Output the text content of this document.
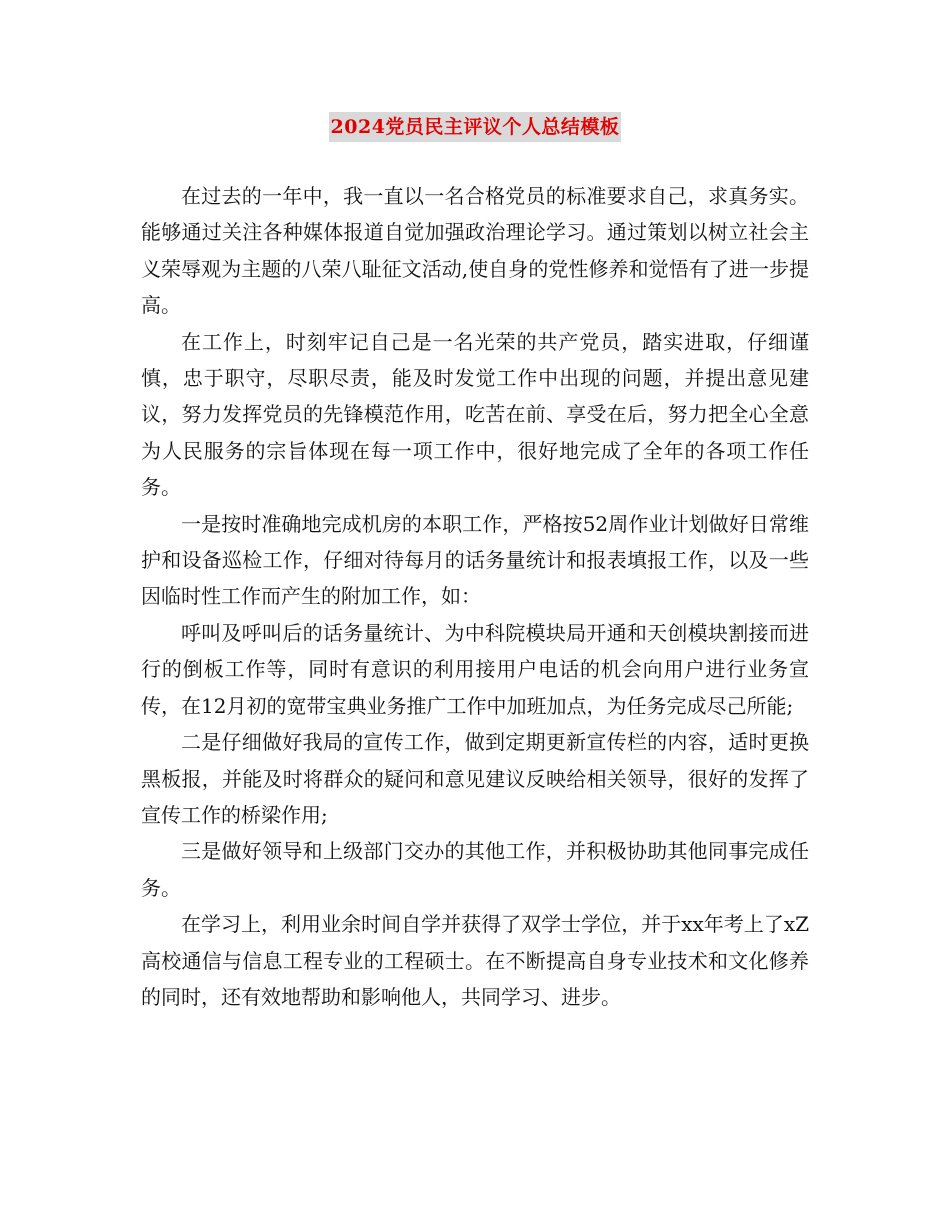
2024党员民主评议个人总结模板

在过去的一年中，我一直以一名合格党员的标准要求自己，求真务实。能够通过关注各种媒体报道自觉加强政治理论学习。通过策划以树立社会主义荣辱观为主题的八荣八耻征文活动,使自身的党性修养和觉悟有了进一步提高。

在工作上，时刻牢记自己是一名光荣的共产党员，踏实进取，仔细谨慎，忠于职守，尽职尽责，能及时发觉工作中出现的问题，并提出意见建议，努力发挥党员的先锋模范作用，吃苦在前、享受在后，努力把全心全意为人民服务的宗旨体现在每一项工作中，很好地完成了全年的各项工作任务。

一是按时准确地完成机房的本职工作，严格按52周作业计划做好日常维护和设备巡检工作，仔细对待每月的话务量统计和报表填报工作，以及一些因临时性工作而产生的附加工作，如：

呼叫及呼叫后的话务量统计、为中科院模块局开通和天创模块割接而进行的倒板工作等，同时有意识的利用接用户电话的机会向用户进行业务宣传，在12月初的宽带宝典业务推广工作中加班加点，为任务完成尽己所能;

二是仔细做好我局的宣传工作，做到定期更新宣传栏的内容，适时更换黑板报，并能及时将群众的疑问和意见建议反映给相关领导，很好的发挥了宣传工作的桥梁作用;

三是做好领导和上级部门交办的其他工作，并积极协助其他同事完成任务。

在学习上，利用业余时间自学并获得了双学士学位，并于xx年考上了xZ高校通信与信息工程专业的工程硕士。在不断提高自身专业技术和文化修养的同时，还有效地帮助和影响他人，共同学习、进步。
